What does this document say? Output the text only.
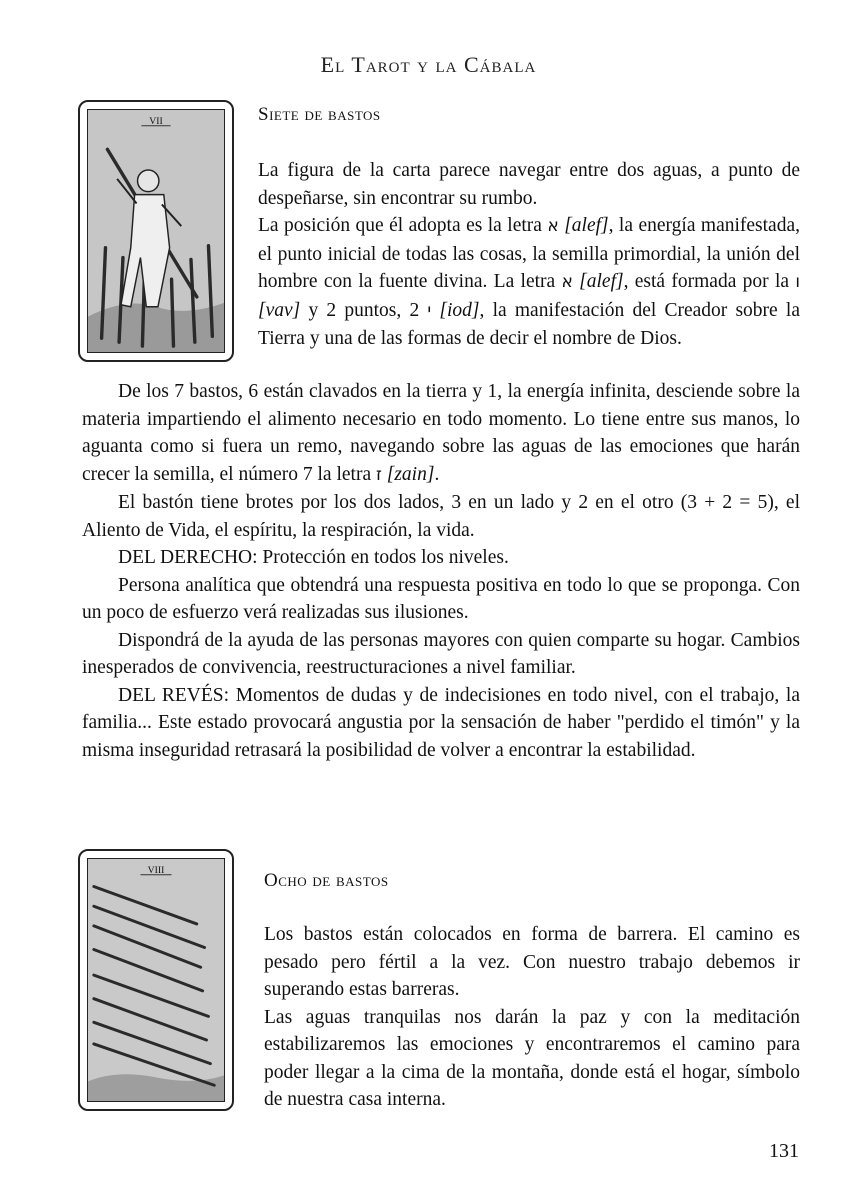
El Tarot y la Cábala
VII	Siete de bastos

La figura de la carta parece navegar entre dos aguas, a punto de despeñarse, sin encontrar su rumbo.

La posición que él adopta es la letra א [alef], la energía manifestada, el punto inicial de todas las cosas, la semilla primordial, la unión del hombre con la fuente divina. La letra א [alef], está formada por la ו [vav] y 2 puntos, 2 י [iod], la manifestación del Creador sobre la Tierra y una de las formas de decir el nombre de Dios.

De los 7 bastos, 6 están clavados en la tierra y 1, la energía infinita, desciende sobre la materia impartiendo el alimento necesario en todo momento. Lo tiene entre sus manos, lo aguanta como si fuera un remo, navegando sobre las aguas de las emociones que harán crecer la semilla, el número 7 la letra ז [zain].

El bastón tiene brotes por los dos lados, 3 en un lado y 2 en el otro (3 + 2 = 5), el Aliento de Vida, el espíritu, la respiración, la vida.

DEL DERECHO: Protección en todos los niveles.

Persona analítica que obtendrá una respuesta positiva en todo lo que se proponga. Con un poco de esfuerzo verá realizadas sus ilusiones.

Dispondrá de la ayuda de las personas mayores con quien comparte su hogar. Cambios inesperados de convivencia, reestructuraciones a nivel familiar.

DEL REVÉS: Momentos de dudas y de indecisiones en todo nivel, con el trabajo, la familia... Este estado provocará angustia por la sensación de haber "perdido el timón" y la misma inseguridad retrasará la posibilidad de volver a encontrar la estabilidad.

VIII	Ocho de bastos

Los bastos están colocados en forma de barrera. El camino es pesado pero fértil a la vez. Con nuestro trabajo debemos ir superando estas barreras.

Las aguas tranquilas nos darán la paz y con la meditación estabilizaremos las emociones y encontraremos el camino para poder llegar a la cima de la montaña, donde está el hogar, símbolo de nuestra casa interna.

131
